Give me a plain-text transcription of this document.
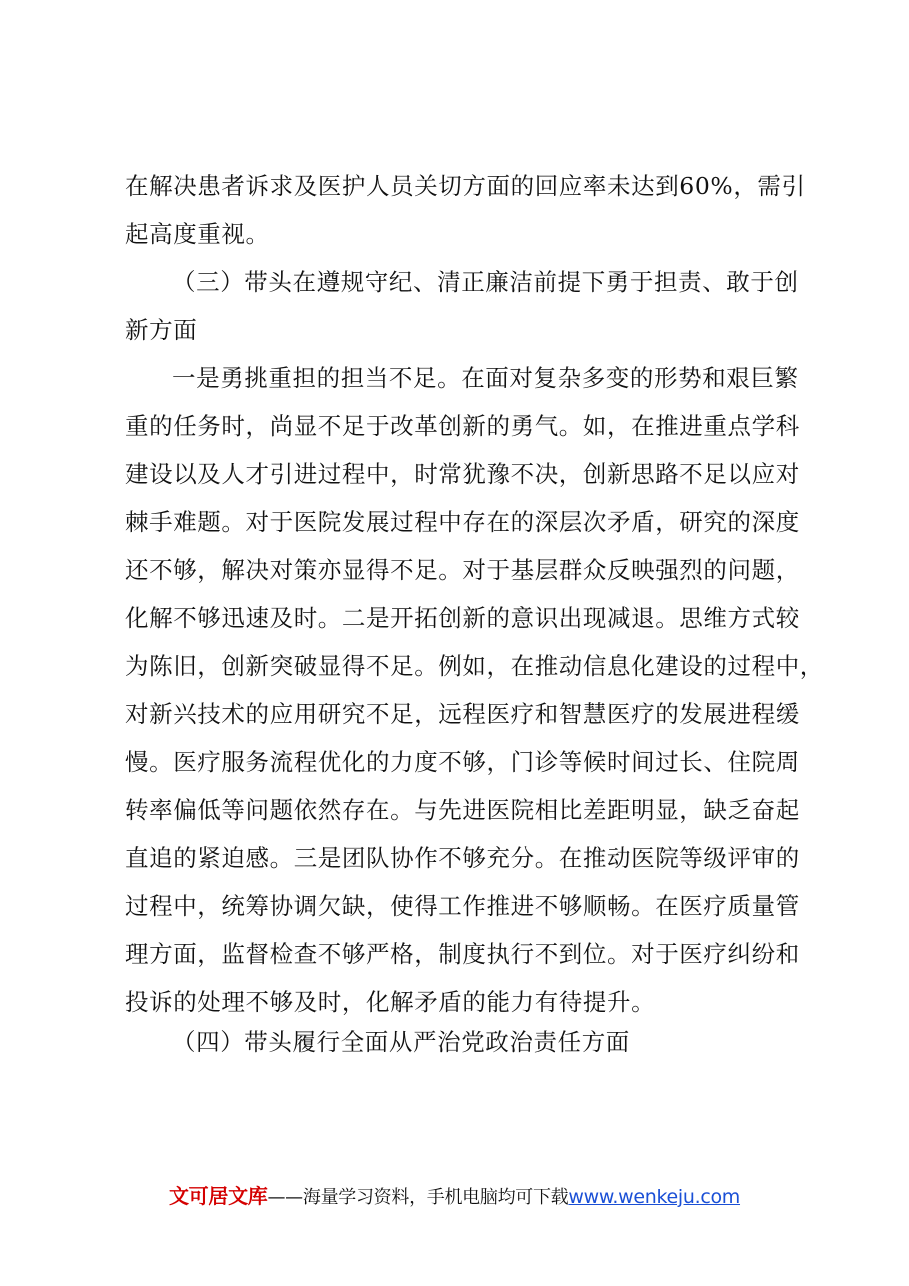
在解决患者诉求及医护人员关切方面的回应率未达到60%，需引
起高度重视。
（三）带头在遵规守纪、清正廉洁前提下勇于担责、敢于创
新方面
一是勇挑重担的担当不足。在面对复杂多变的形势和艰巨繁
重的任务时，尚显不足于改革创新的勇气。如，在推进重点学科
建设以及人才引进过程中，时常犹豫不决，创新思路不足以应对
棘手难题。对于医院发展过程中存在的深层次矛盾，研究的深度
还不够，解决对策亦显得不足。对于基层群众反映强烈的问题，
化解不够迅速及时。二是开拓创新的意识出现减退。思维方式较
为陈旧，创新突破显得不足。例如，在推动信息化建设的过程中，
对新兴技术的应用研究不足，远程医疗和智慧医疗的发展进程缓
慢。医疗服务流程优化的力度不够，门诊等候时间过长、住院周
转率偏低等问题依然存在。与先进医院相比差距明显，缺乏奋起
直追的紧迫感。三是团队协作不够充分。在推动医院等级评审的
过程中，统筹协调欠缺，使得工作推进不够顺畅。在医疗质量管
理方面，监督检查不够严格，制度执行不到位。对于医疗纠纷和
投诉的处理不够及时，化解矛盾的能力有待提升。
（四）带头履行全面从严治党政治责任方面
文可居文库——海量学习资料，手机电脑均可下载www.wenkeju.com
